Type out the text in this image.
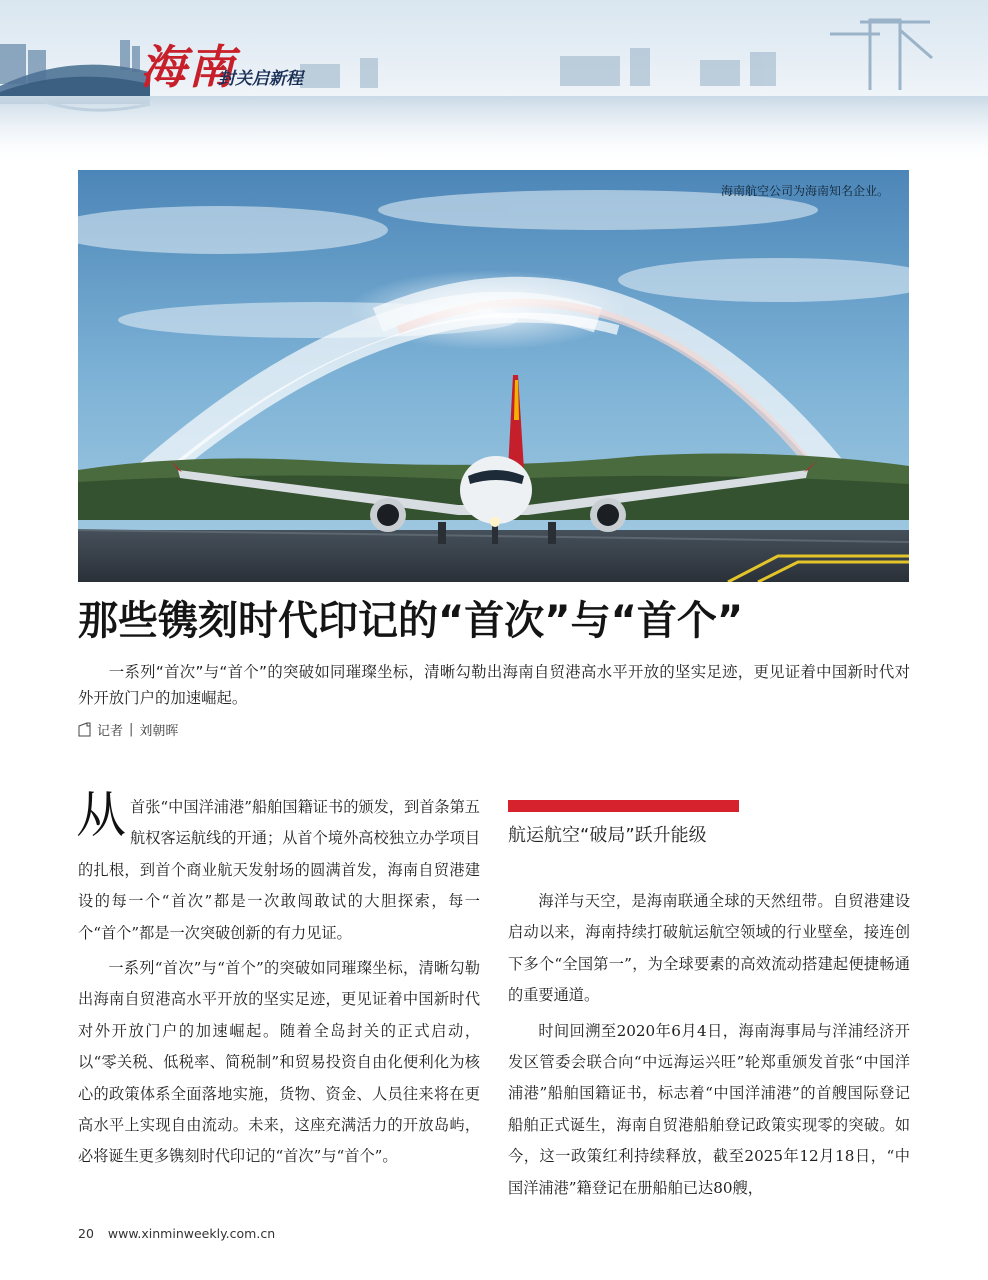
海南
封关启新程
海南航空公司为海南知名企业。
那些镌刻时代印记的“首次”与“首个”
一系列“首次”与“首个”的突破如同璀璨坐标，清晰勾勒出海南自贸港高水平开放的坚实足迹，更见证着中国新时代对外开放门户的加速崛起。
记者 | 刘朝晖

从首张“中国洋浦港”船舶国籍证书的颁发，到首条第五航权客运航线的开通；从首个境外高校独立办学项目的扎根，到首个商业航天发射场的圆满首发，海南自贸港建设的每一个“首次”都是一次敢闯敢试的大胆探索，每一个“首个”都是一次突破创新的有力见证。

一系列“首次”与“首个”的突破如同璀璨坐标，清晰勾勒出海南自贸港高水平开放的坚实足迹，更见证着中国新时代对外开放门户的加速崛起。随着全岛封关的正式启动，以“零关税、低税率、简税制”和贸易投资自由化便利化为核心的政策体系全面落地实施，货物、资金、人员往来将在更高水平上实现自由流动。未来，这座充满活力的开放岛屿，必将诞生更多镌刻时代印记的“首次”与“首个”。

航运航空“破局”跃升能级

海洋与天空，是海南联通全球的天然纽带。自贸港建设启动以来，海南持续打破航运航空领域的行业壁垒，接连创下多个“全国第一”，为全球要素的高效流动搭建起便捷畅通的重要通道。

时间回溯至2020年6月4日，海南海事局与洋浦经济开发区管委会联合向“中远海运兴旺”轮郑重颁发首张“中国洋浦港”船舶国籍证书，标志着“中国洋浦港”的首艘国际登记船舶正式诞生，海南自贸港船舶登记政策实现零的突破。如今，这一政策红利持续释放，截至2025年12月18日，“中国洋浦港”籍登记在册船舶已达80艘，

20 www.xinminweekly.com.cn
